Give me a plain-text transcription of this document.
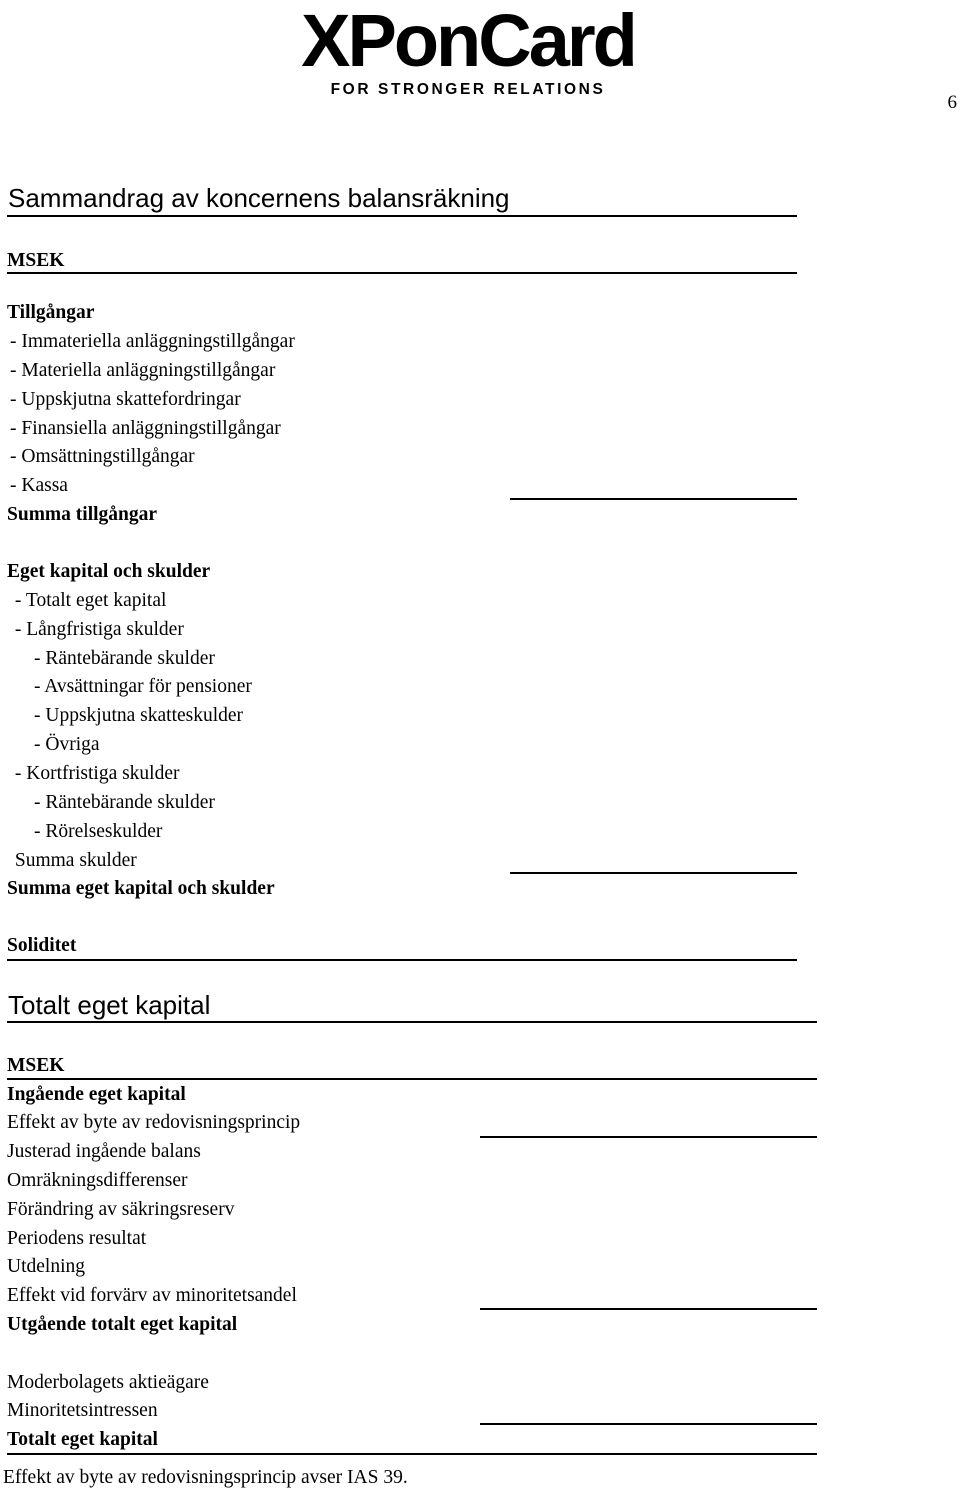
XPonCard
FOR STRONGER RELATIONS
6
Sammandrag av koncernens balansräkning
MSEK
Tillgångar
- Immateriella anläggningstillgångar
- Materiella anläggningstillgångar
- Uppskjutna skattefordringar
- Finansiella anläggningstillgångar
- Omsättningstillgångar
- Kassa
Summa tillgångar
Eget kapital och skulder
- Totalt eget kapital
- Långfristiga skulder
- Räntebärande skulder
- Avsättningar för pensioner
- Uppskjutna skatteskulder
- Övriga
- Kortfristiga skulder
- Räntebärande skulder
- Rörelseskulder
Summa skulder
Summa eget kapital och skulder
Soliditet
Totalt eget kapital
MSEK
Ingående eget kapital
Effekt av byte av redovisningsprincip
Justerad ingående balans
Omräkningsdifferenser
Förändring av säkringsreserv
Periodens resultat
Utdelning
Effekt vid forvärv av minoritetsandel
Utgående totalt eget kapital
Moderbolagets aktieägare
Minoritetsintressen
Totalt eget kapital
Effekt av byte av redovisningsprincip avser IAS 39.
